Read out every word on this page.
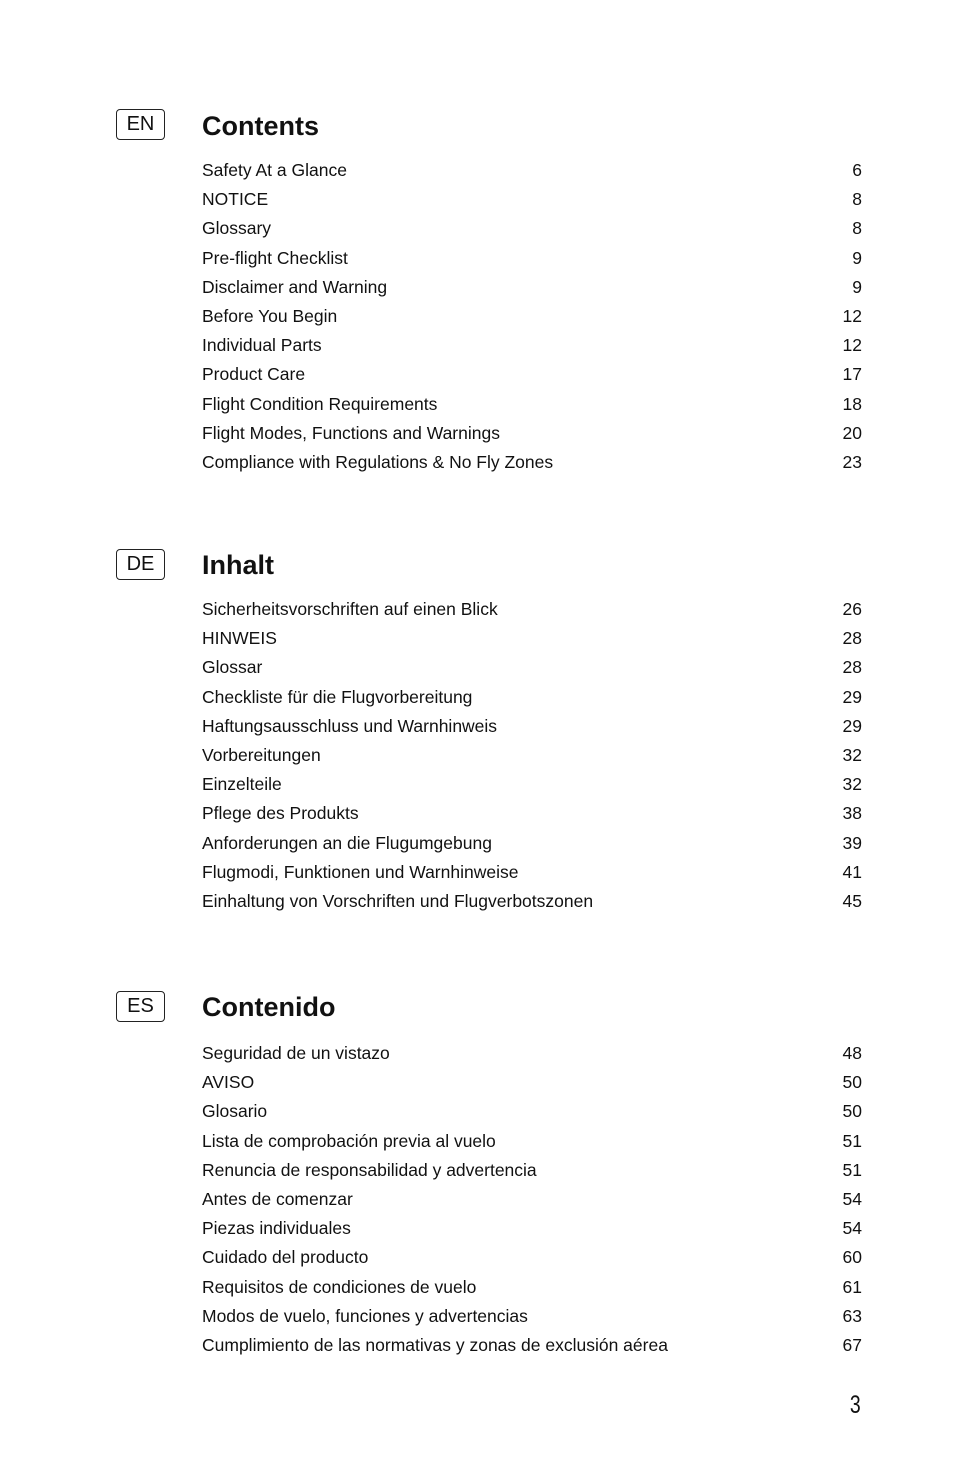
EN	Contents
Safety At a Glance	6
NOTICE	8
Glossary	8
Pre-flight Checklist	9
Disclaimer and Warning	9
Before You Begin	12
Individual Parts	12
Product Care	17
Flight Condition Requirements	18
Flight Modes, Functions and Warnings	20
Compliance with Regulations & No Fly Zones	23
DE	Inhalt
Sicherheitsvorschriften auf einen Blick	26
HINWEIS	28
Glossar	28
Checkliste für die Flugvorbereitung	29
Haftungsausschluss und Warnhinweis	29
Vorbereitungen	32
Einzelteile	32
Pflege des Produkts	38
Anforderungen an die Flugumgebung	39
Flugmodi, Funktionen und Warnhinweise	41
Einhaltung von Vorschriften und Flugverbotszonen	45
ES	Contenido
Seguridad de un vistazo	48
AVISO	50
Glosario	50
Lista de comprobación previa al vuelo	51
Renuncia de responsabilidad y advertencia	51
Antes de comenzar	54
Piezas individuales	54
Cuidado del producto	60
Requisitos de condiciones de vuelo	61
Modos de vuelo, funciones y advertencias	63
Cumplimiento de las normativas y zonas de exclusión aérea	67
3
